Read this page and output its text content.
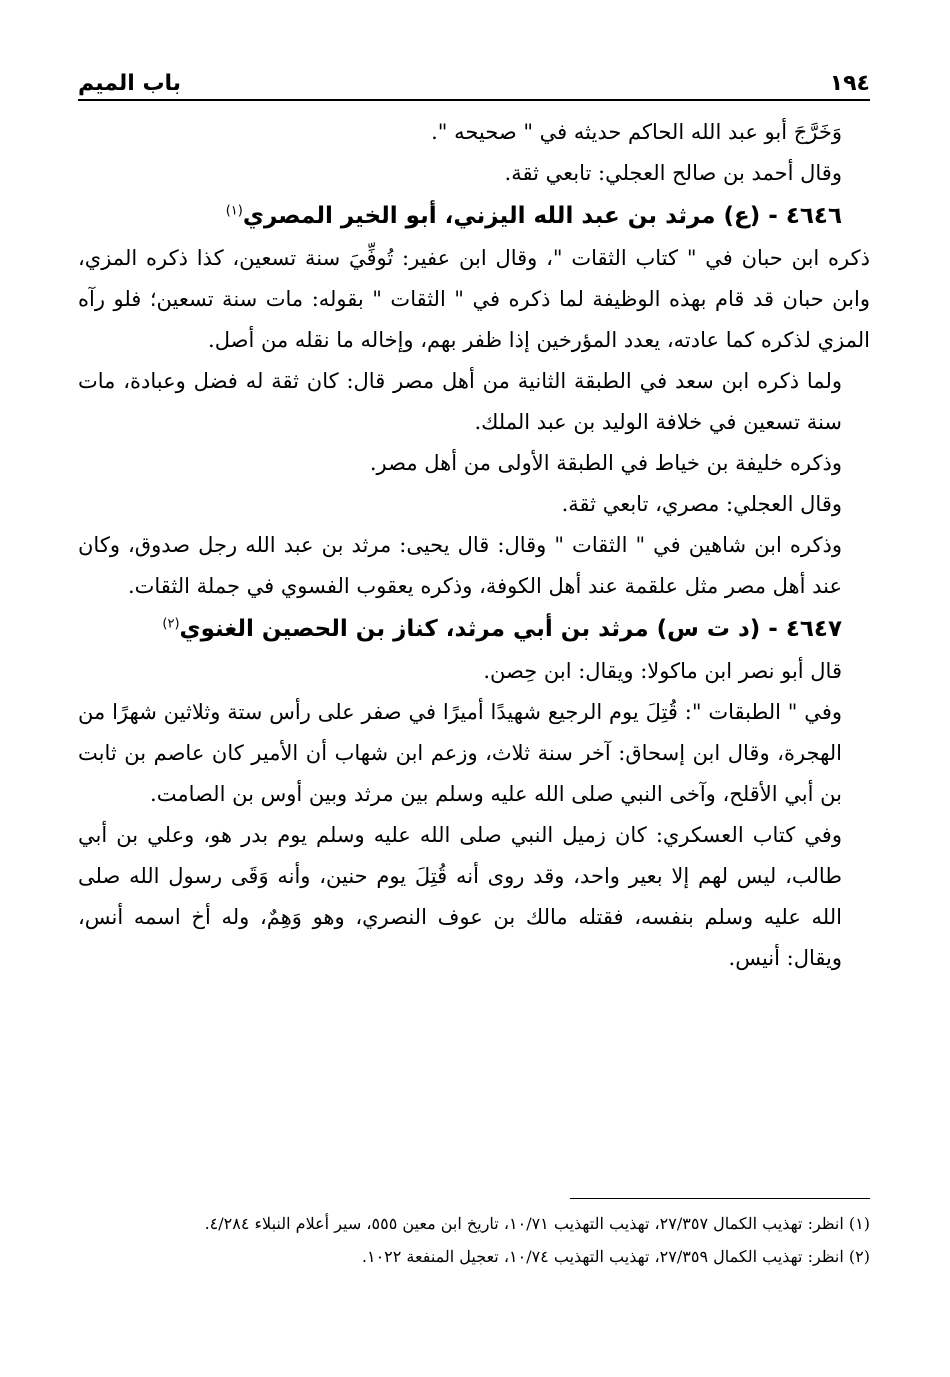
١٩٤
باب الميم

وَخَرَّجَ أبو عبد الله الحاكم حديثه في " صحيحه ".

وقال أحمد بن صالح العجلي: تابعي ثقة.

٤٦٤٦ - (ع) مرثد بن عبد الله اليزني، أبو الخير المصري$^{(١)}$

ذكره ابن حبان في " كتاب الثقات "، وقال ابن عفير: تُوفِّيَ سنة تسعين، كذا ذكره المزي، وابن حبان قد قام بهذه الوظيفة لما ذكره في " الثقات " بقوله: مات سنة تسعين؛ فلو رآه المزي لذكره كما عادته، يعدد المؤرخين إذا ظفر بهم، وإخاله ما نقله من أصل.

ولما ذكره ابن سعد في الطبقة الثانية من أهل مصر قال: كان ثقة له فضل وعبادة، مات سنة تسعين في خلافة الوليد بن عبد الملك.

وذكره خليفة بن خياط في الطبقة الأولى من أهل مصر.

وقال العجلي: مصري، تابعي ثقة.

وذكره ابن شاهين في " الثقات " وقال: قال يحيى: مرثد بن عبد الله رجل صدوق، وكان عند أهل مصر مثل علقمة عند أهل الكوفة، وذكره يعقوب الفسوي في جملة الثقات.

٤٦٤٧ - (د ت س) مرثد بن أبي مرثد، كناز بن الحصين الغنوي$^{(٢)}$

قال أبو نصر ابن ماكولا: ويقال: ابن حِصن.

وفي " الطبقات ": قُتِلَ يوم الرجيع شهيدًا أميرًا في صفر على رأس ستة وثلاثين شهرًا من الهجرة، وقال ابن إسحاق: آخر سنة ثلاث، وزعم ابن شهاب أن الأمير كان عاصم بن ثابت بن أبي الأقلح، وآخى النبي صلى الله عليه وسلم بين مرثد وبين أوس بن الصامت.

وفي كتاب العسكري: كان زميل النبي صلى الله عليه وسلم يوم بدر هو، وعلي بن أبي طالب، ليس لهم إلا بعير واحد، وقد روى أنه قُتِلَ يوم حنين، وأنه وَقَى رسول الله صلى الله عليه وسلم بنفسه، فقتله مالك بن عوف النصري، وهو وَهِمٌ، وله أخ اسمه أنس، ويقال: أنيس.

(١) انظر: تهذيب الكمال ٢٧/٣٥٧، تهذيب التهذيب ١٠/٧١، تاريخ ابن معين ٥٥٥، سير أعلام النبلاء ٤/٢٨٤.

(٢) انظر: تهذيب الكمال ٢٧/٣٥٩، تهذيب التهذيب ١٠/٧٤، تعجيل المنفعة ١٠٢٢.
